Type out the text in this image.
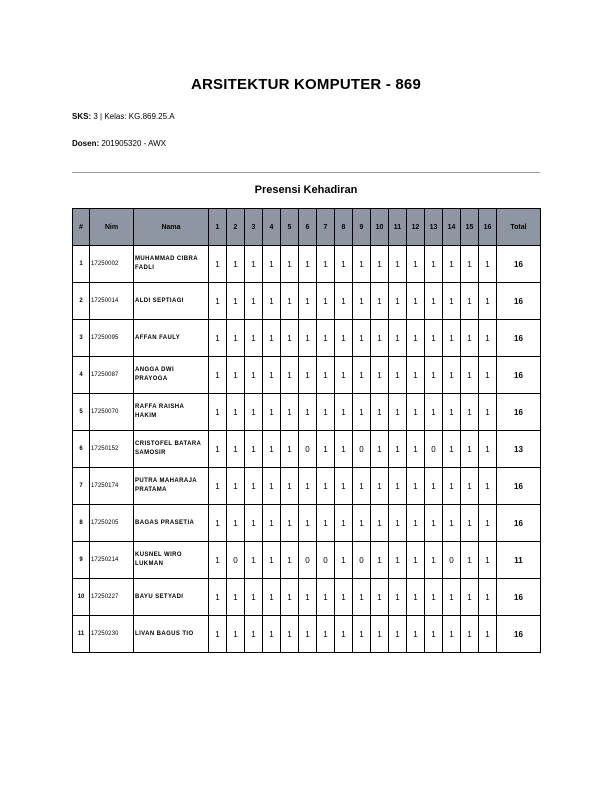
ARSITEKTUR KOMPUTER - 869
SKS: 3 | Kelas: KG.869.25.A
Dosen: 201905320 - AWX
Presensi Kehadiran
#	Nim	Nama	1	2	3	4	5	6	7	8	9	10	11	12	13	14	15	16	Total
1	17250002	MUHAMMAD CIBRA FADLI	1	1	1	1	1	1	1	1	1	1	1	1	1	1	1	1	16
2	17250014	ALDI SEPTIAGI	1	1	1	1	1	1	1	1	1	1	1	1	1	1	1	1	16
3	17250095	AFFAN FAULY	1	1	1	1	1	1	1	1	1	1	1	1	1	1	1	1	16
4	17250087	ANGGA DWI PRAYOGA	1	1	1	1	1	1	1	1	1	1	1	1	1	1	1	1	16
5	17250070	RAFFA RAISHA HAKIM	1	1	1	1	1	1	1	1	1	1	1	1	1	1	1	1	16
6	17250152	CRISTOFEL BATARA SAMOSIR	1	1	1	1	1	0	1	1	0	1	1	1	0	1	1	1	13
7	17250174	PUTRA MAHARAJA PRATAMA	1	1	1	1	1	1	1	1	1	1	1	1	1	1	1	1	16
8	17250205	BAGAS PRASETIA	1	1	1	1	1	1	1	1	1	1	1	1	1	1	1	1	16
9	17250214	KUSNEL WIRO LUKMAN	1	0	1	1	1	0	0	1	0	1	1	1	1	0	1	1	11
10	17250227	BAYU SETYADI	1	1	1	1	1	1	1	1	1	1	1	1	1	1	1	1	16
11	17250230	LIVAN BAGUS TIO	1	1	1	1	1	1	1	1	1	1	1	1	1	1	1	1	16
